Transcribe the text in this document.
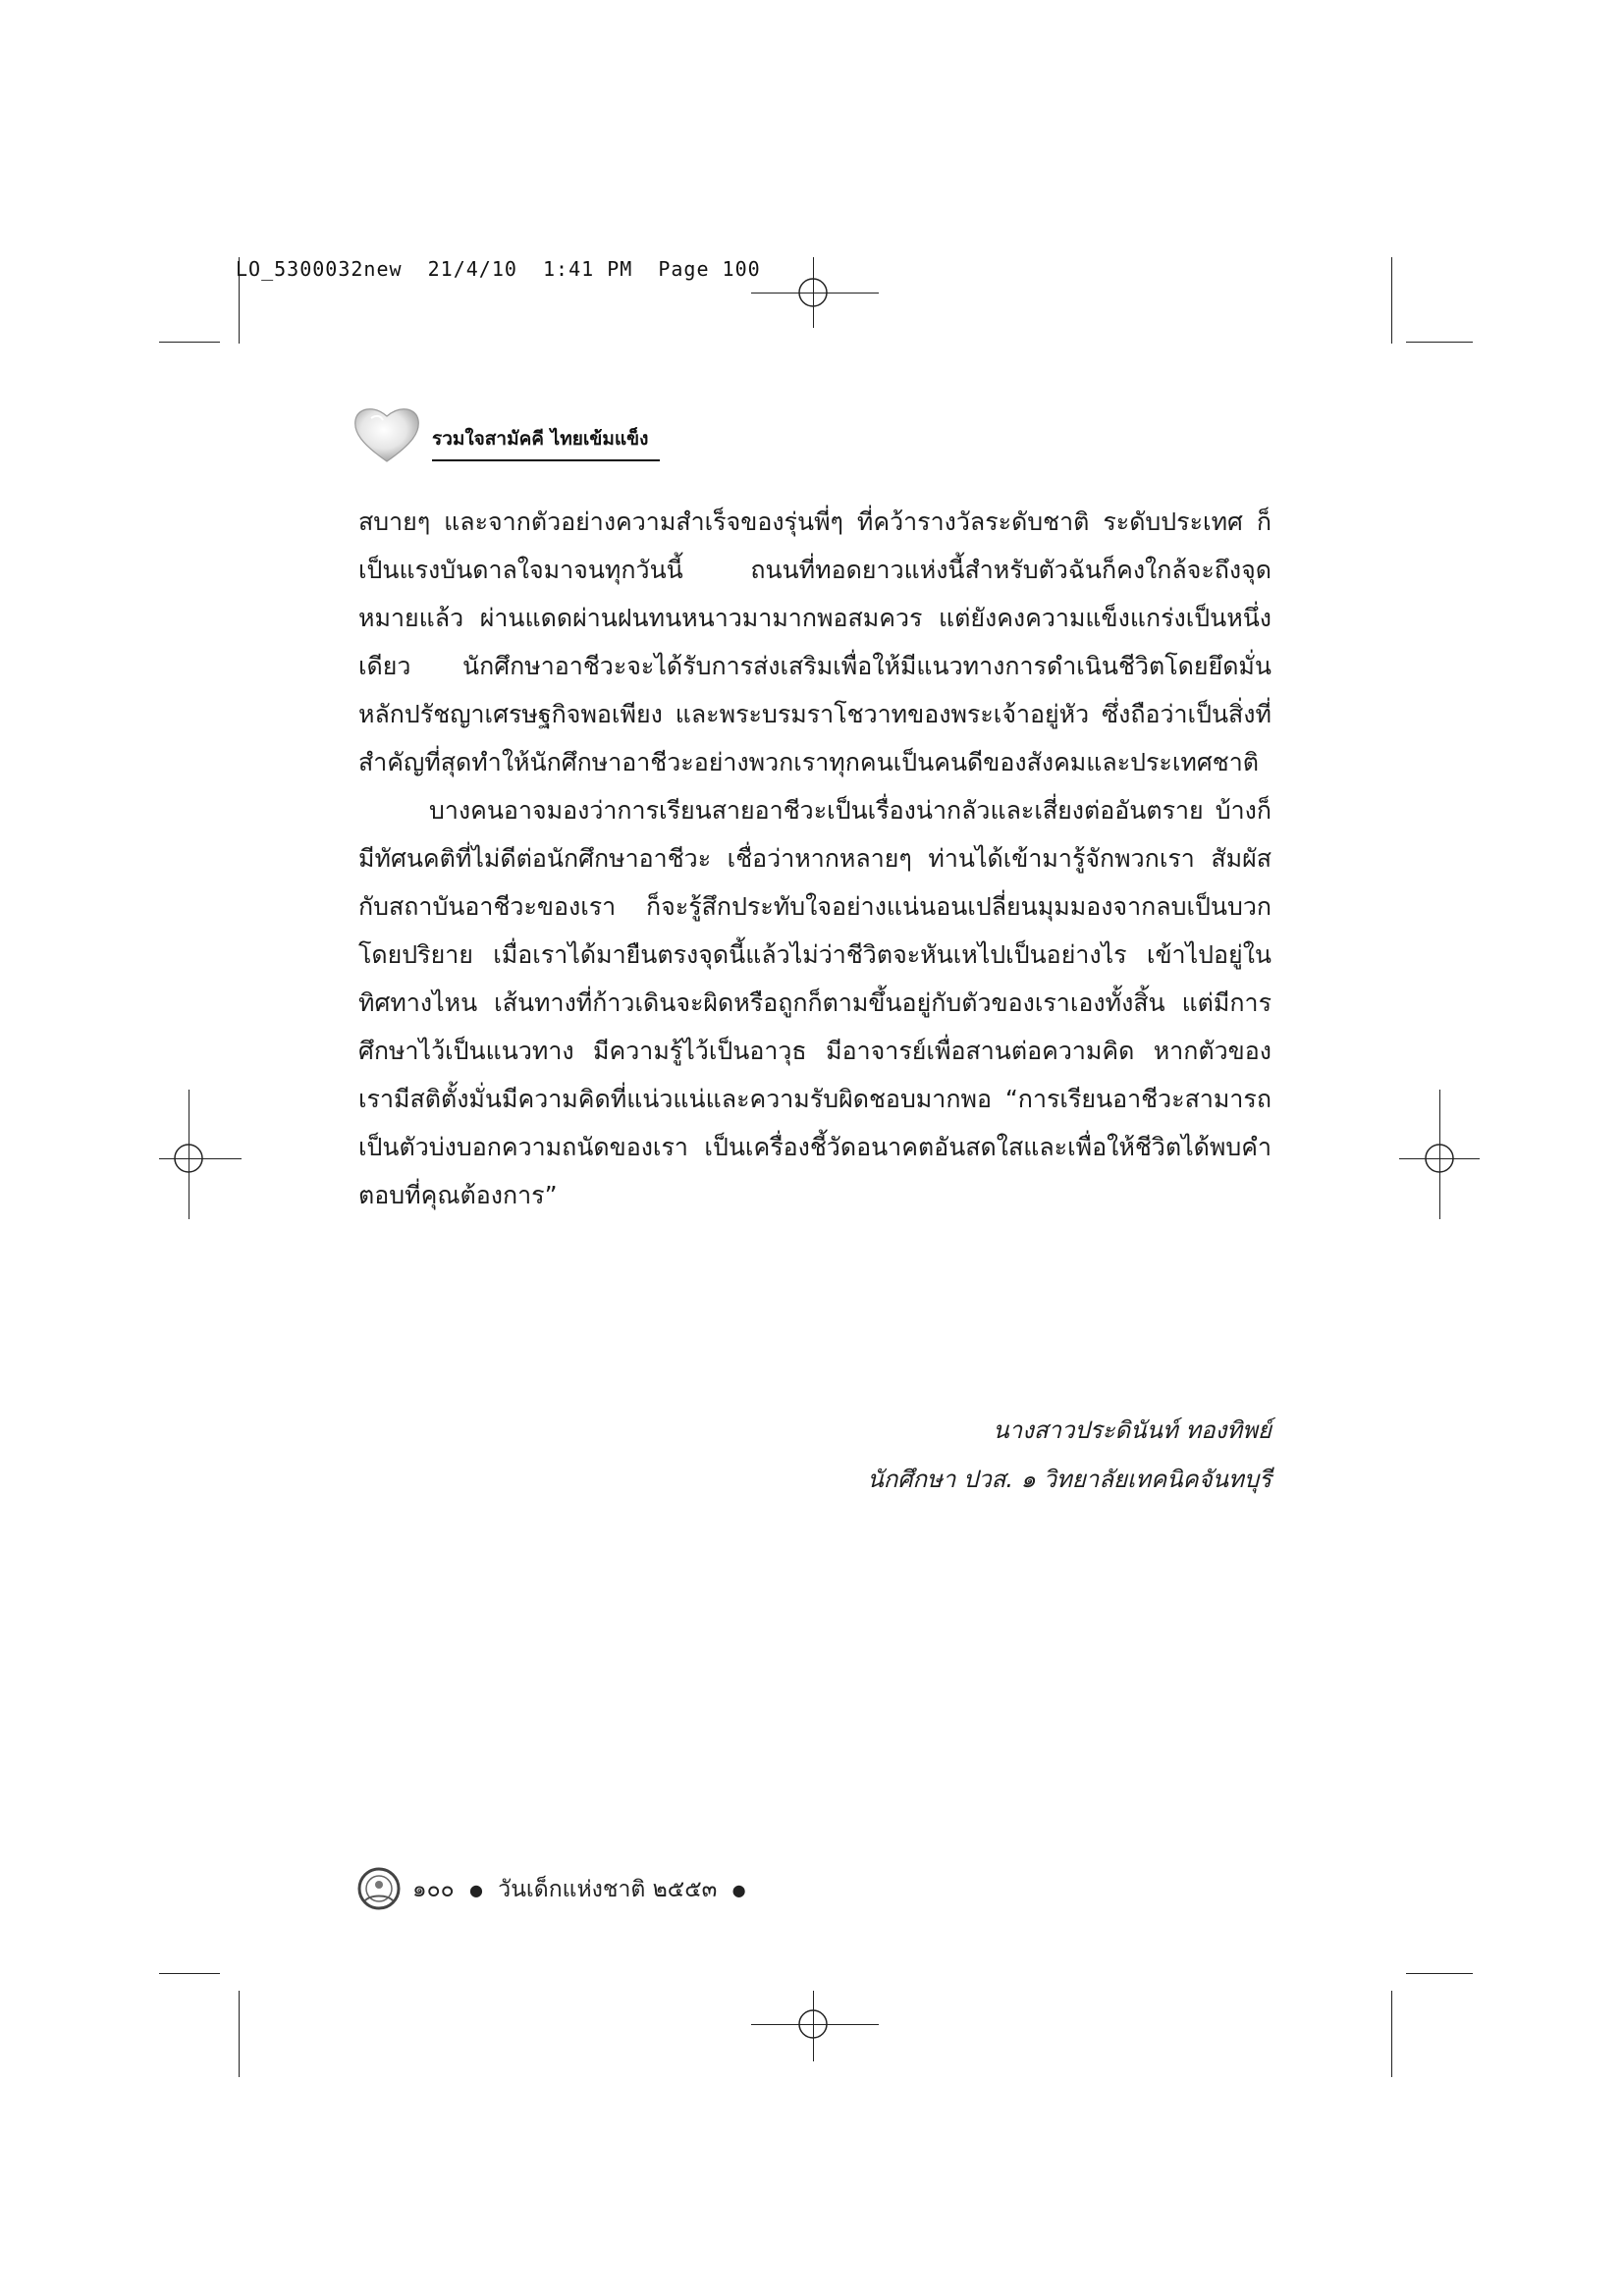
LO_5300032new  21/4/10  1:41 PM  Page 100
รวมใจสามัคคี ไทยเข้มแข็ง

สบายๆ และจากตัวอย่างความสำเร็จของรุ่นพี่ๆ ที่คว้ารางวัลระดับชาติ ระดับประเทศ ก็เป็นแรงบันดาลใจมาจนทุกวันนี้ ถนนที่ทอดยาวแห่งนี้สำหรับตัวฉันก็คงใกล้จะถึงจุดหมายแล้ว ผ่านแดดผ่านฝนทนหนาวมามากพอสมควร แต่ยังคงความแข็งแกร่งเป็นหนึ่งเดียว นักศึกษาอาชีวะจะได้รับการส่งเสริมเพื่อให้มีแนวทางการดำเนินชีวิตโดยยึดมั่นหลักปรัชญาเศรษฐกิจพอเพียง และพระบรมราโชวาทของพระเจ้าอยู่หัว ซึ่งถือว่าเป็นสิ่งที่สำคัญที่สุดทำให้นักศึกษาอาชีวะอย่างพวกเราทุกคนเป็นคนดีของสังคมและประเทศชาติ

บางคนอาจมองว่าการเรียนสายอาชีวะเป็นเรื่องน่ากลัวและเสี่ยงต่ออันตราย บ้างก็มีทัศนคติที่ไม่ดีต่อนักศึกษาอาชีวะ เชื่อว่าหากหลายๆ ท่านได้เข้ามารู้จักพวกเรา สัมผัสกับสถาบันอาชีวะของเรา ก็จะรู้สึกประทับใจอย่างแน่นอนเปลี่ยนมุมมองจากลบเป็นบวกโดยปริยาย เมื่อเราได้มายืนตรงจุดนี้แล้วไม่ว่าชีวิตจะหันเหไปเป็นอย่างไร เข้าไปอยู่ในทิศทางไหน เส้นทางที่ก้าวเดินจะผิดหรือถูกก็ตามขึ้นอยู่กับตัวของเราเองทั้งสิ้น แต่มีการศึกษาไว้เป็นแนวทาง มีความรู้ไว้เป็นอาวุธ มีอาจารย์เพื่อสานต่อความคิด หากตัวของเรามีสติตั้งมั่นมีความคิดที่แน่วแน่และความรับผิดชอบมากพอ “การเรียนอาชีวะสามารถเป็นตัวบ่งบอกความถนัดของเรา เป็นเครื่องชี้วัดอนาคตอันสดใสและเพื่อให้ชีวิตได้พบคำตอบที่คุณต้องการ”

นางสาวประดินันท์ ทองทิพย์
นักศึกษา ปวส. ๑ วิทยาลัยเทคนิคจันทบุรี
๑๐๐ ● วันเด็กแห่งชาติ ๒๕๕๓ ●
